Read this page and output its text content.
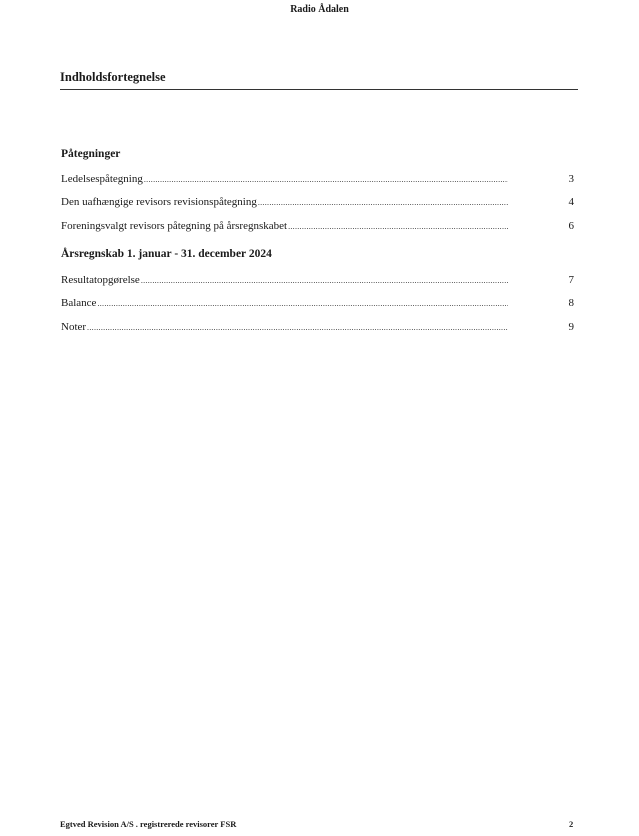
Radio Ådalen
Indholdsfortegnelse
Påtegninger
Ledelsespåtegning .....	3
Den uafhængige revisors revisionspåtegning .....	4
Foreningsvalgt revisors påtegning på årsregnskabet .....	6
Årsregnskab 1. januar - 31. december 2024
Resultatopgørelse .....	7
Balance .....	8
Noter .....	9
Egtved Revision A/S . registrerede revisorer FSR	2
